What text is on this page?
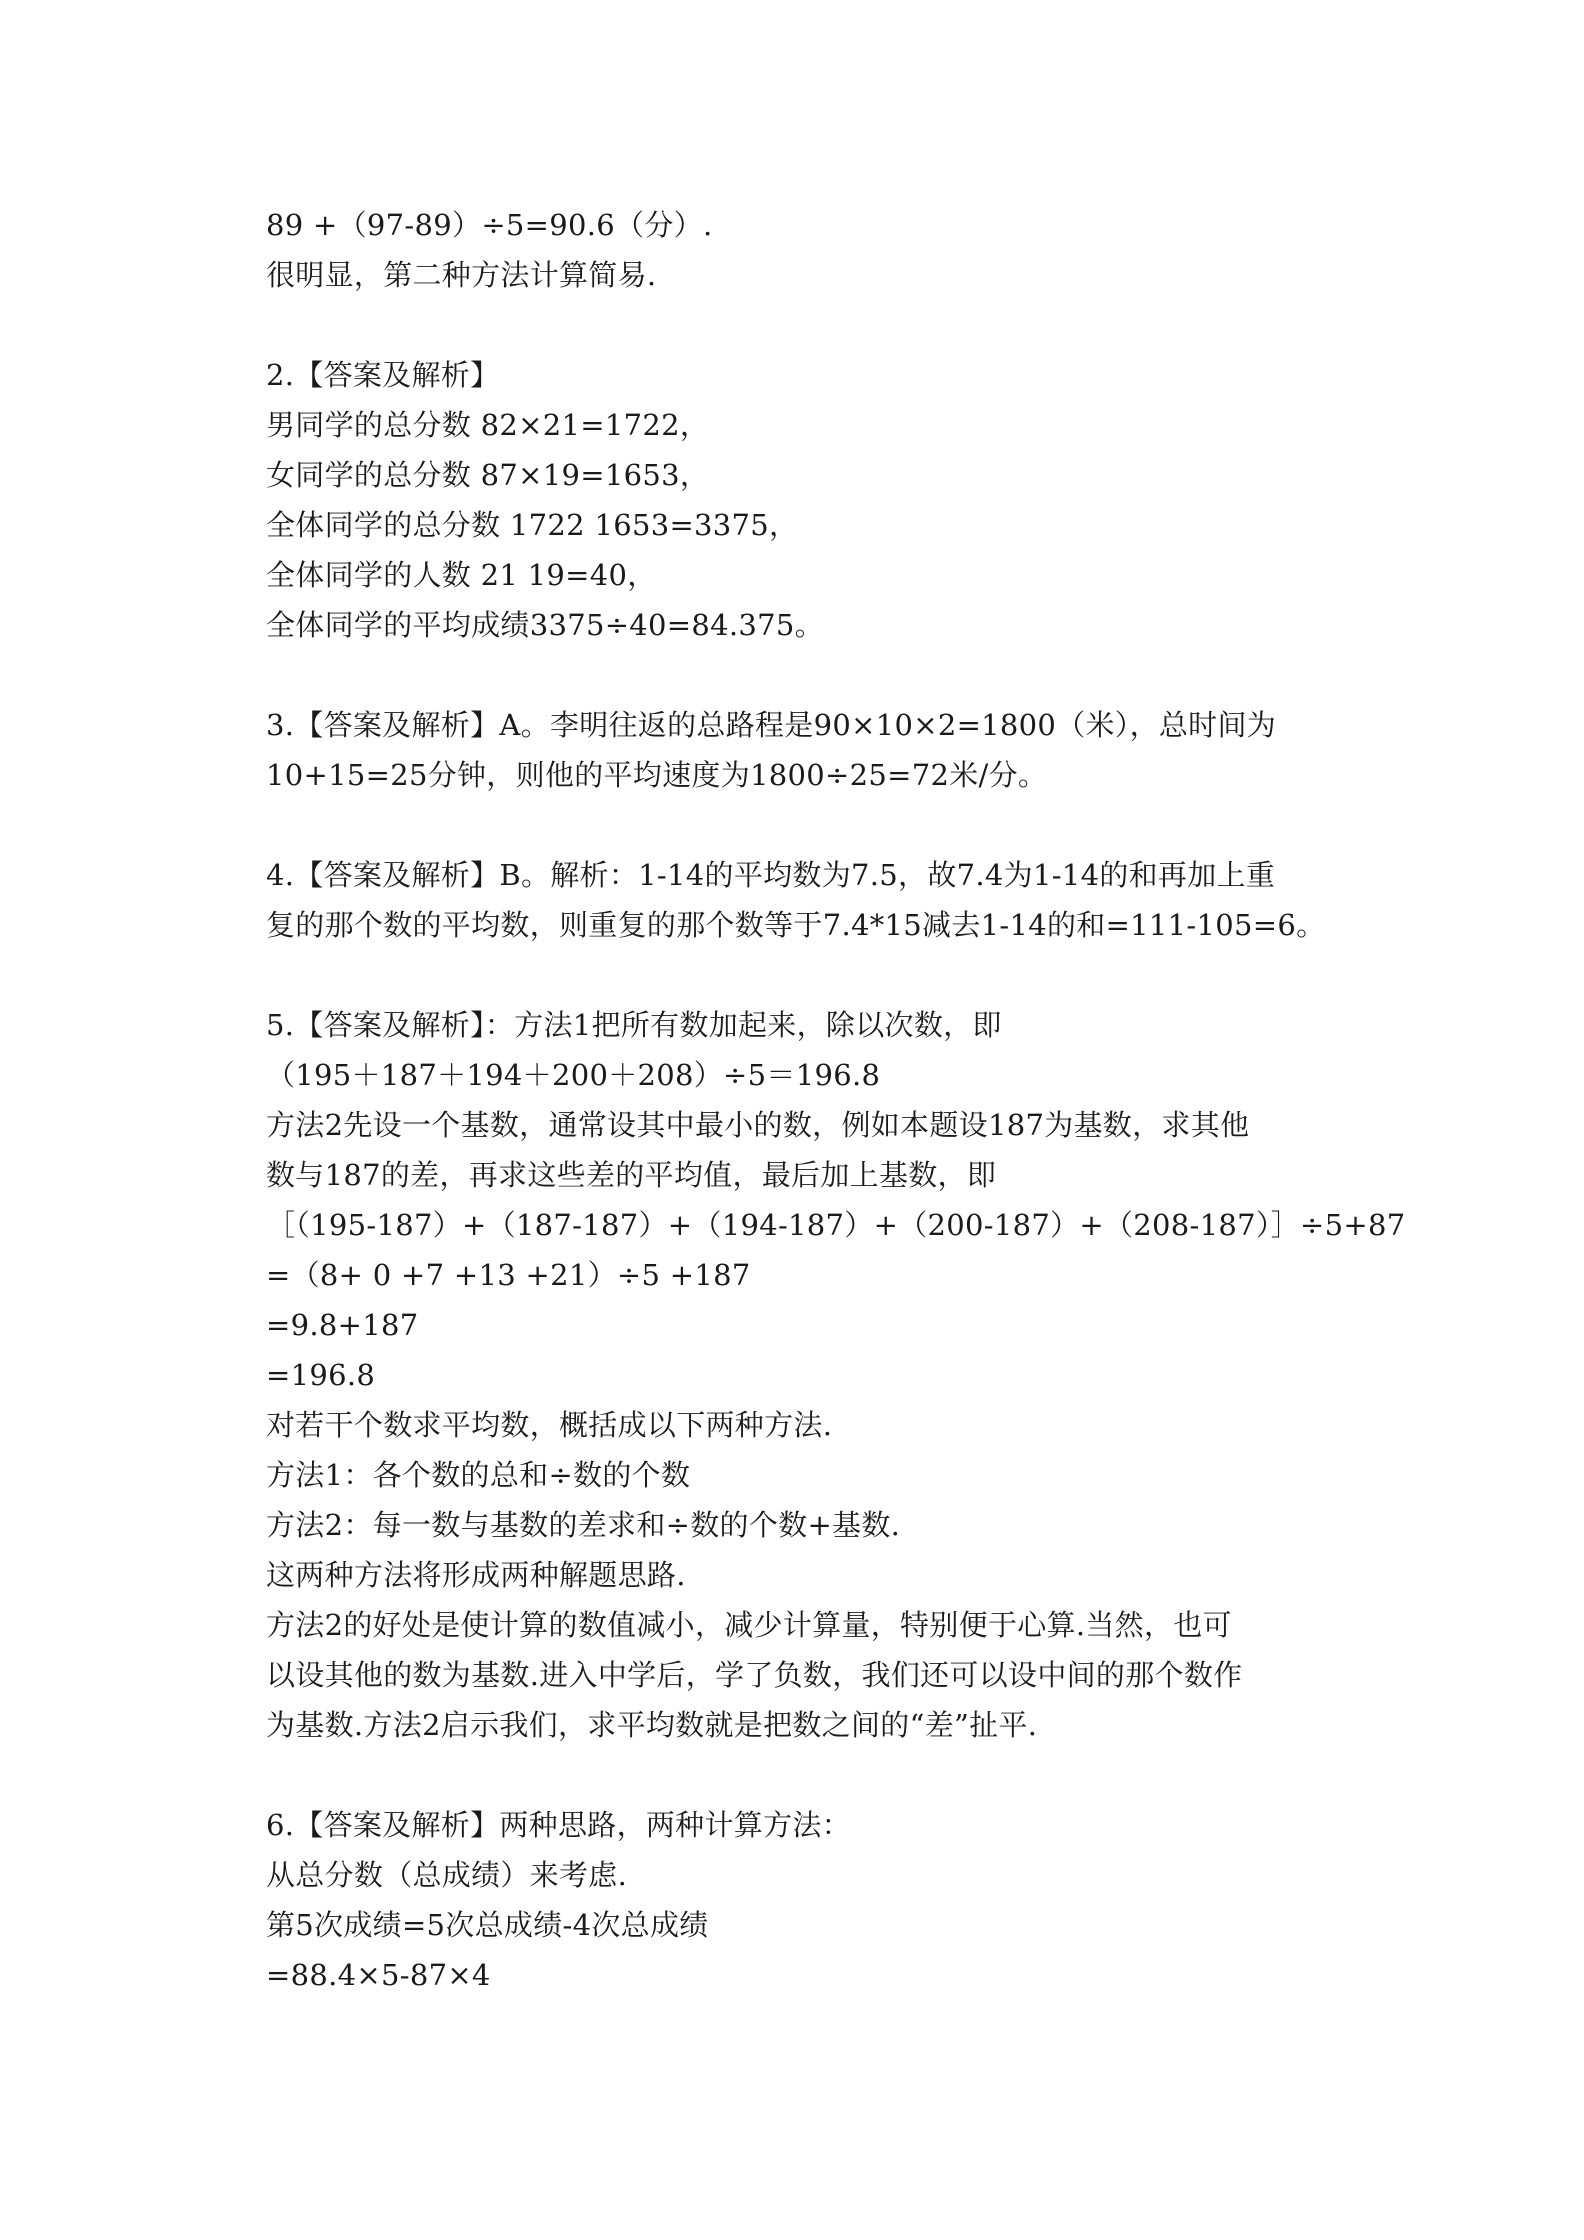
89 +（97-89）÷5=90.6（分）.
很明显，第二种方法计算简易.
2.【答案及解析】
男同学的总分数 82×21=1722，
女同学的总分数 87×19=1653，
全体同学的总分数 1722 1653=3375，
全体同学的人数 21 19=40，
全体同学的平均成绩3375÷40=84.375。
3.【答案及解析】A。李明往返的总路程是90×10×2=1800（米），总时间为
10+15=25分钟，则他的平均速度为1800÷25=72米/分。
4.【答案及解析】B。解析：1-14的平均数为7.5，故7.4为1-14的和再加上重
复的那个数的平均数，则重复的那个数等于7.4*15减去1-14的和=111-105=6。
5.【答案及解析】：方法1把所有数加起来，除以次数，即
（195＋187＋194＋200＋208）÷5＝196.8
方法2先设一个基数，通常设其中最小的数，例如本题设187为基数，求其他
数与187的差，再求这些差的平均值，最后加上基数，即
［（195-187）+（187-187）+（194-187）+（200-187）+（208-187）］÷5+87
=（8+ 0 +7 +13 +21）÷5 +187
=9.8+187
=196.8
对若干个数求平均数，概括成以下两种方法.
方法1：各个数的总和÷数的个数
方法2：每一数与基数的差求和÷数的个数+基数.
这两种方法将形成两种解题思路.
方法2的好处是使计算的数值减小，减少计算量，特别便于心算.当然，也可
以设其他的数为基数.进入中学后，学了负数，我们还可以设中间的那个数作
为基数.方法2启示我们，求平均数就是把数之间的“差”扯平.
6.【答案及解析】两种思路，两种计算方法：
从总分数（总成绩）来考虑.
第5次成绩=5次总成绩-4次总成绩
=88.4×5-87×4
